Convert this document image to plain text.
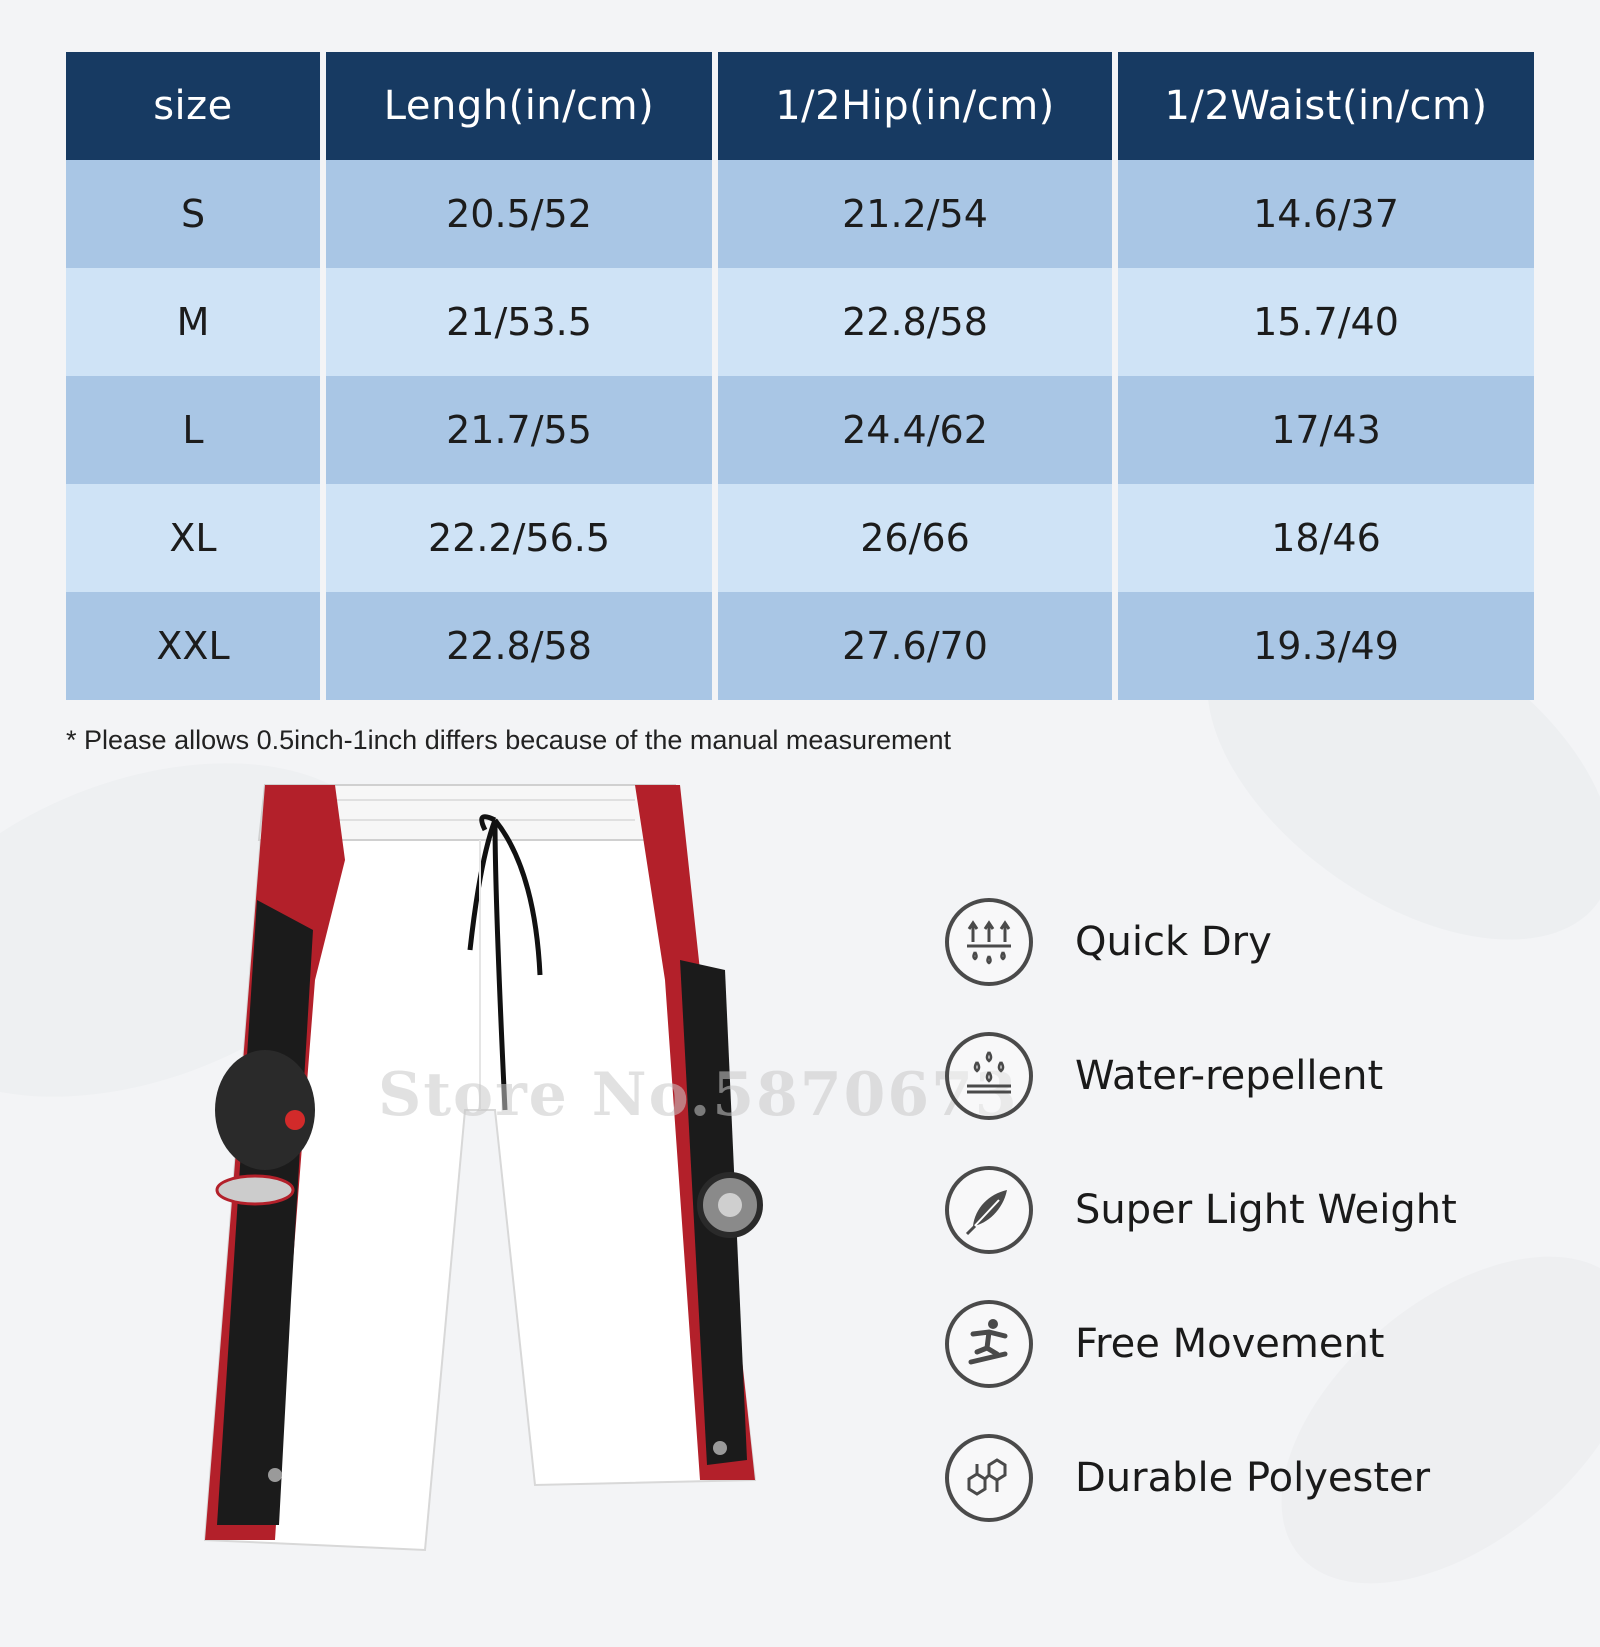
size	Lengh(in/cm)	1/2Hip(in/cm)	1/2Waist(in/cm)
S	20.5/52	21.2/54	14.6/37
M	21/53.5	22.8/58	15.7/40
L	21.7/55	24.4/62	17/43
XL	22.2/56.5	26/66	18/46
XXL	22.8/58	27.6/70	19.3/49
* Please allows 0.5inch-1inch differs because of the manual measurement
Store No.5870673
Quick Dry
Water-repellent
Super Light Weight
Free Movement
Durable Polyester
